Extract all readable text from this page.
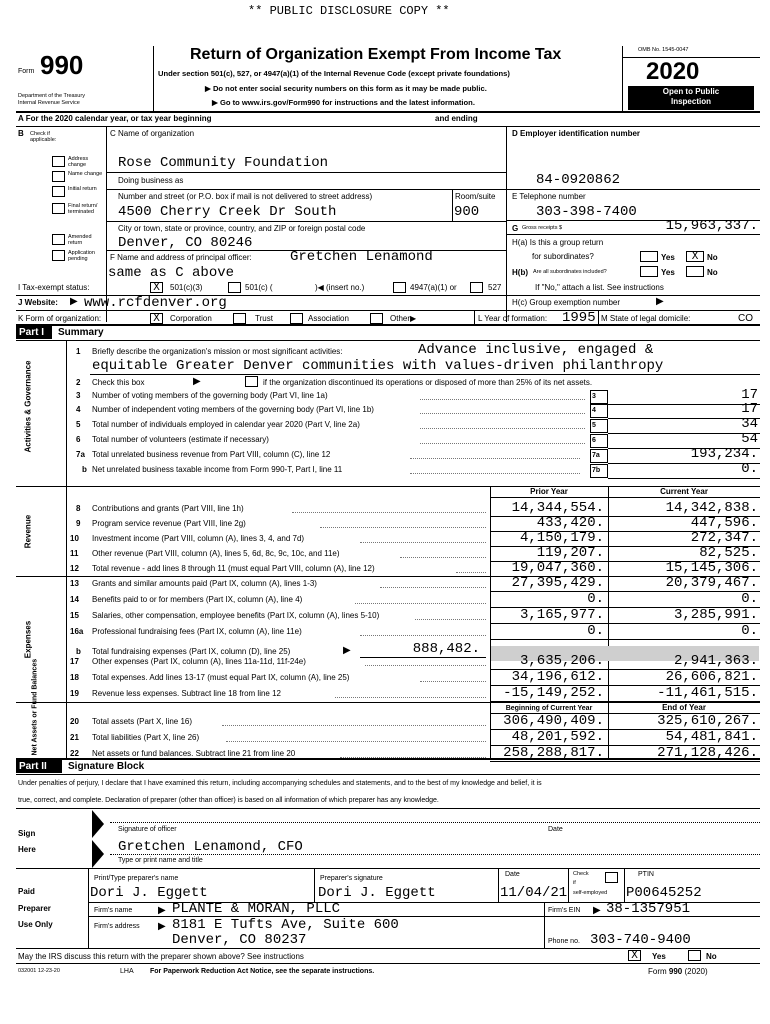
** PUBLIC DISCLOSURE COPY **
Form 990
Department of the Treasury
Internal Revenue Service
Return of Organization Exempt From Income Tax
Under section 501(c), 527, or 4947(a)(1) of the Internal Revenue Code (except private foundations)
▶ Do not enter social security numbers on this form as it may be made public.
▶ Go to www.irs.gov/Form990 for instructions and the latest information.
OMB No. 1545-0047
2020
Open to Public
Inspection
A For the 2020 calendar year, or tax year beginning	and ending
B Check if applicable:
Address change
Name change
Initial return
Final return/ terminated
Amended return
Application pending
C Name of organization
Rose Community Foundation
Doing business as
Number and street (or P.O. box if mail is not delivered to street address)	Room/suite
4500 Cherry Creek Dr South	900
City or town, state or province, country, and ZIP or foreign postal code
Denver, CO 80246
F Name and address of principal officer:	Gretchen Lenamond
same as C above
D Employer identification number
84-0920862
E Telephone number
303-398-7400
G Gross receipts $	15,963,337.
H(a) Is this a group return
for subordinates?	Yes	X	No
H(b) Are all subordinates included?	Yes	No
If "No," attach a list. See instructions
I Tax-exempt status:	X	501(c)(3)	501(c) (	)◀ (insert no.)	4947(a)(1) or	527
J Website: ▶ www.rcfdenver.org	H(c) Group exemption number	▶
K Form of organization:	X	Corporation	Trust	Association	Other▶	L Year of formation: 1995 M State of legal domicile:	CO
Part I	Summary
Activities & Governance
1 Briefly describe the organization's mission or most significant activities:	Advance inclusive, engaged &
equitable Greater Denver communities with values-driven philanthropy
2 Check this box	▶	if the organization discontinued its operations or disposed of more than 25% of its net assets.
3 Number of voting members of the governing body (Part VI, line 1a)	3	17
4 Number of independent voting members of the governing body (Part VI, line 1b)	4	17
5 Total number of individuals employed in calendar year 2020 (Part V, line 2a)	5	34
6 Total number of volunteers (estimate if necessary)	6	54
7a Total unrelated business revenue from Part VIII, column (C), line 12	7a	193,234.
b Net unrelated business taxable income from Form 990-T, Part I, line 11	7b	0.
Prior Year	Current Year
Revenue
8 Contributions and grants (Part VIII, line 1h)	14,344,554.	14,342,838.
9 Program service revenue (Part VIII, line 2g)	433,420.	447,596.
10 Investment income (Part VIII, column (A), lines 3, 4, and 7d)	4,150,179.	272,347.
11 Other revenue (Part VIII, column (A), lines 5, 6d, 8c, 9c, 10c, and 11e)	119,207.	82,525.
12 Total revenue - add lines 8 through 11 (must equal Part VIII, column (A), line 12)	19,047,360.	15,145,306.
Expenses
13 Grants and similar amounts paid (Part IX, column (A), lines 1-3)	27,395,429.	20,379,467.
14 Benefits paid to or for members (Part IX, column (A), line 4)	0.	0.
15 Salaries, other compensation, employee benefits (Part IX, column (A), lines 5-10)	3,165,977.	3,285,991.
16a Professional fundraising fees (Part IX, column (A), line 11e)	0.	0.
b Total fundraising expenses (Part IX, column (D), line 25)	▶	888,482.
17 Other expenses (Part IX, column (A), lines 11a-11d, 11f-24e)	3,635,206.	2,941,363.
18 Total expenses. Add lines 13-17 (must equal Part IX, column (A), line 25)	34,196,612.	26,606,821.
19 Revenue less expenses. Subtract line 18 from line 12	-15,149,252.	-11,461,515.
Beginning of Current Year	End of Year
Net Assets or Fund Balances	20 Total assets (Part X, line 16)	306,490,409.	325,610,267.
21 Total liabilities (Part X, line 26)	48,201,592.	54,481,841.
22 Net assets or fund balances. Subtract line 21 from line 20	258,288,817.	271,128,426.
Part II	Signature Block
Under penalties of perjury, I declare that I have examined this return, including accompanying schedules and statements, and to the best of my knowledge and belief, it is
true, correct, and complete. Declaration of preparer (other than officer) is based on all information of which preparer has any knowledge.
Sign
Here
Signature of officer	Date
Gretchen Lenamond, CFO
Type or print name and title
Paid
Preparer
Use Only
Print/Type preparer's name	Preparer's signature
Date	Check
if
self-employed
PTIN
Dori J. Eggett	Dori J. Eggett	11/04/21	P00645252
Firm's name	▶ PLANTE & MORAN, PLLC	Firm's EIN ▶ 38-1357951
Firm's address ▶ 8181 E Tufts Ave, Suite 600
Denver, CO 80237	Phone no. 303-740-9400
May the IRS discuss this return with the preparer shown above? See instructions	X	Yes	No
032001 12-23-20	LHA For Paperwork Reduction Act Notice, see the separate instructions.	Form 990 (2020)
